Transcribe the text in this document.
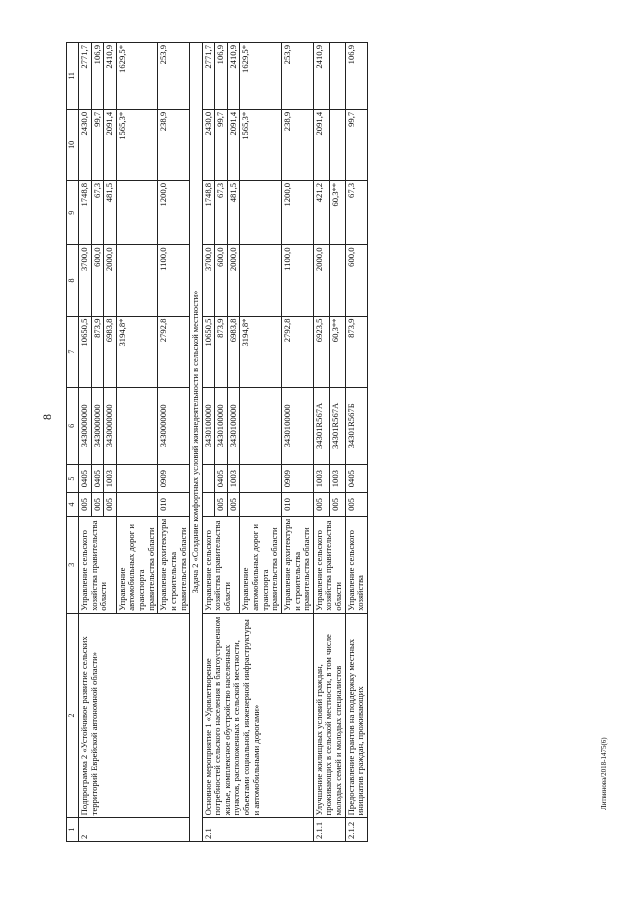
8
Литвинова/2018-1475(6)
1	2	3	4	5	6	7	8	9	10	11
2	Подпрограмма 2 «Устойчивое развитие сельских территорий Еврейской автономной области»	Управление сельского хозяйства правительства области	005	0405	3430000000	10650,5	3700,0	1748,8	2430,0	2771,7
			005	0405	3430000000	873,9	600,0	67,3	99,7	106,9
			005	1003	3430000000	6983,8	2000,0	481,5	2091,4	2410,9
		Управление автомобильных дорог и транспорта правительства области				3194,8*			1565,3*	1629,5*
		Управление архитектуры и строительства правительства области	010	0909	3430000000	2792,8	1100,0	1200,0	238,9	253,9
Задача 2 «Создание комфортных условий жизнедеятельности в сельской местности»										
2.1	Основное мероприятие 1 «Удовлетворение потребностей сельского населения в благоустроенном жилье, комплексное обустройство населенных пунктов, расположенных в сельской местности, объектами социальной, инженерной инфраструктуры и автомобильными дорогами»	Управление сельского хозяйства правительства области			3430100000	10650,5	3700,0	1748,8	2430,0	2771,7
			005	0405	3430100000	873,9	600,0	67,3	99,7	106,9
			005	1003	3430100000	6983,8	2000,0	481,5	2091,4	2410,9
		Управление автомобильных дорог и транспорта правительства области				3194,8*			1565,3*	1629,5*
		Управление архитектуры и строительства правительства области	010	0909	3430100000	2792,8	1100,0	1200,0	238,9	253,9
2.1.1	Улучшение жилищных условий граждан, проживающих в сельской местности, в том числе молодых семей и молодых специалистов	Управление сельского хозяйства правительства области	005	1003	34301R567A	6923,5	2000,0	421,2	2091,4	2410,9
			005	1003	34301R567A	60,3**		60,3**		
2.1.2	Предоставление грантов на поддержку местных инициатив граждан, проживающих	Управление сельского хозяйства	005	0405	34301R567Б	873,9	600,0	67,3	99,7	106,9
